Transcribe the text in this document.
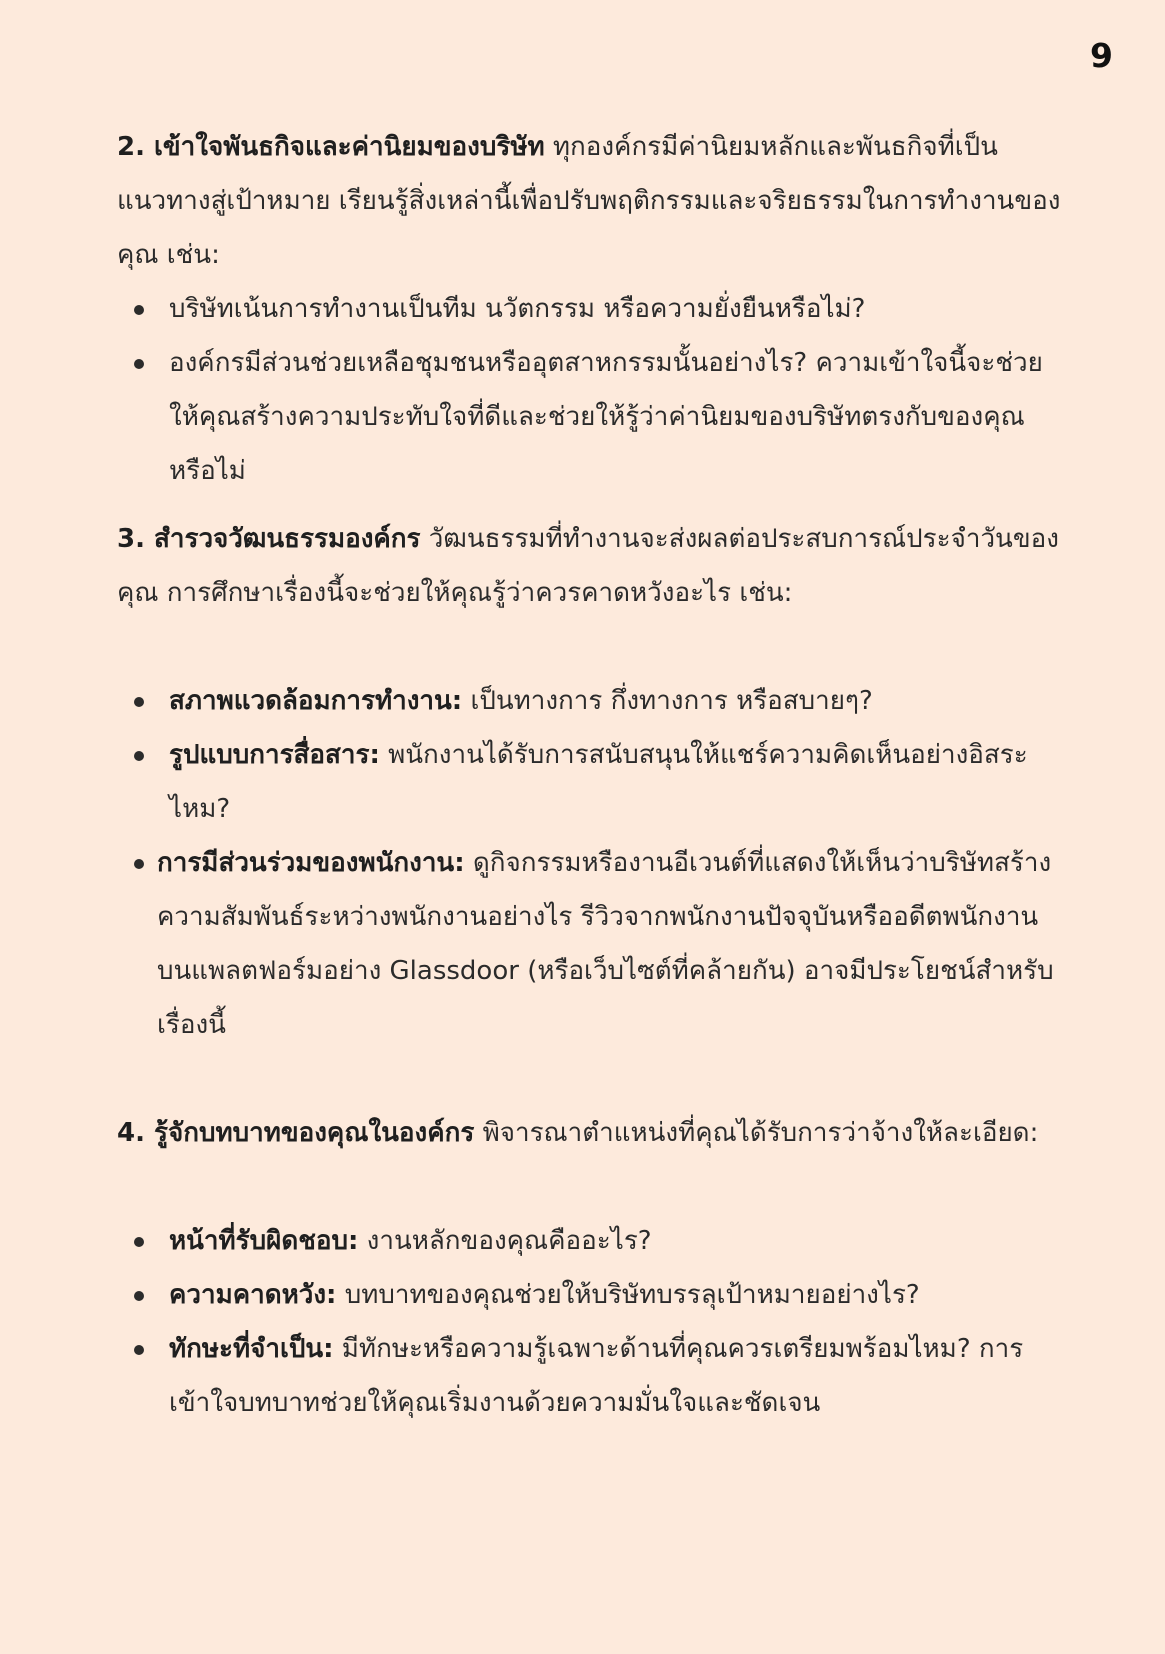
9

2. เข้าใจพันธกิจและค่านิยมของบริษัท ทุกองค์กรมีค่านิยมหลักและพันธกิจที่เป็นแนวทางสู่เป้าหมาย เรียนรู้สิ่งเหล่านี้เพื่อปรับพฤติกรรมและจริยธรรมในการทำงานของคุณ เช่น:

บริษัทเน้นการทำงานเป็นทีม นวัตกรรม หรือความยั่งยืนหรือไม่?
องค์กรมีส่วนช่วยเหลือชุมชนหรืออุตสาหกรรมนั้นอย่างไร? ความเข้าใจนี้จะช่วยให้คุณสร้างความประทับใจที่ดีและช่วยให้รู้ว่าค่านิยมของบริษัทตรงกับของคุณหรือไม่

3. สำรวจวัฒนธรรมองค์กร วัฒนธรรมที่ทำงานจะส่งผลต่อประสบการณ์ประจำวันของคุณ การศึกษาเรื่องนี้จะช่วยให้คุณรู้ว่าควรคาดหวังอะไร เช่น:

สภาพแวดล้อมการทำงาน: เป็นทางการ กึ่งทางการ หรือสบายๆ?
รูปแบบการสื่อสาร: พนักงานได้รับการสนับสนุนให้แชร์ความคิดเห็นอย่างอิสระไหม?
การมีส่วนร่วมของพนักงาน: ดูกิจกรรมหรืองานอีเวนต์ที่แสดงให้เห็นว่าบริษัทสร้างความสัมพันธ์ระหว่างพนักงานอย่างไร รีวิวจากพนักงานปัจจุบันหรืออดีตพนักงานบนแพลตฟอร์มอย่าง Glassdoor (หรือเว็บไซต์ที่คล้ายกัน) อาจมีประโยชน์สำหรับเรื่องนี้

4. รู้จักบทบาทของคุณในองค์กร พิจารณาตำแหน่งที่คุณได้รับการว่าจ้างให้ละเอียด:

หน้าที่รับผิดชอบ: งานหลักของคุณคืออะไร?
ความคาดหวัง: บทบาทของคุณช่วยให้บริษัทบรรลุเป้าหมายอย่างไร?
ทักษะที่จำเป็น: มีทักษะหรือความรู้เฉพาะด้านที่คุณควรเตรียมพร้อมไหม? การเข้าใจบทบาทช่วยให้คุณเริ่มงานด้วยความมั่นใจและชัดเจน
